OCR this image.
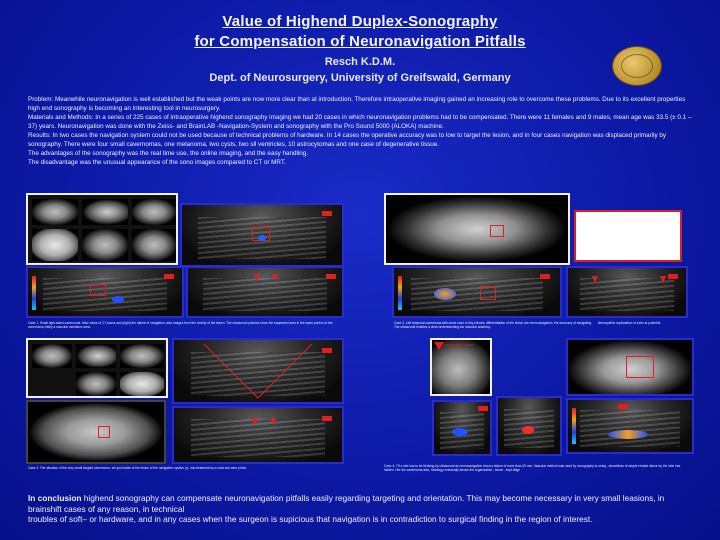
Value of Highend Duplex-Sonography
for Compensation of Neuronavigation Pitfalls
Resch K.D.M.
Dept. of Neurosurgery, University of Greifswald, Germany

Problem: Meanwhile neuronavigation is well established but the weak points are now more clear than at introduction. Therefore intraoperative imaging gained an increasing role to overcome these problems. Due to its excellent properties high end sonography is becoming an interesting tool in neurosurgery.

Materials and Methods: In a series of 225 cases of intraoperative highend sonography imaging we had 20 cases in which neuronavigation problems had to be compensated. There were 11 females and 9 males, mean age was 33.5 (± 0.1 – 37) years. Neuronavigation was done with the Zeiss- and BrainLAB -Navigation-System and sonography with the Pro Sound 5000 (ALOKA) machine.

Results: In two cases the navigation system could not be used because of technical problems of hardware. In 14 cases the operative accuracy was to low to target the lesion, and in four cases navigation was displaced primarily by sonography. There were four small cavernomas, one melanoma, two cysts, two sll ventricles, 10 astrocytomas and one case of degenerative tissue.

The advantages of the sonography was the real time use, the online imaging, and the easy handling.

The disadvantage was the unusual appearance of the sono images compared to CT or MRT.

Case 1. Small right-sided cavernoma. Misc views of CT-scans and (right) the failure of navigation, also images from the vicinity of the lesion. The ultrasound pictures show the suspected area in the lower portion of the cavernoma, likely a vascular variations area.
Case 2. Left temporal cavernoma with some cave in tiny echoes, differentiation of the lesion are neuronavigation, the accuracy of navigating. The ultrasound enables a clear understanding too vascular anatomy.
Neuropathic explanation of echo at potential.
Case 3. The situation of the very small singled cavernoma, sm just inside of the lesion of the navigation system (r), mis-treatment by a local sub aero probe.
navigation offset
Case 4. 7% Lobe has to be thinking by ultrasound as neuronavigation show a failure of more than 25 mm. Vascular method was used by sonography to-using , deccellular of simple related above by the lobe has hidden. Her the cavernoma also, histology eventually shows the organization , lesion , kept-fidge
In conclusion highend sonography can compensate neuronavigation pitfalls easily regarding targeting and orientation. This may become necessary in very small leasions, in brainshift cases of any reason, in technical
troubles of soft– or hardware, and in any cases when the surgeon is supicious that navigation is in contradiction to surgical finding in the region of interest.
